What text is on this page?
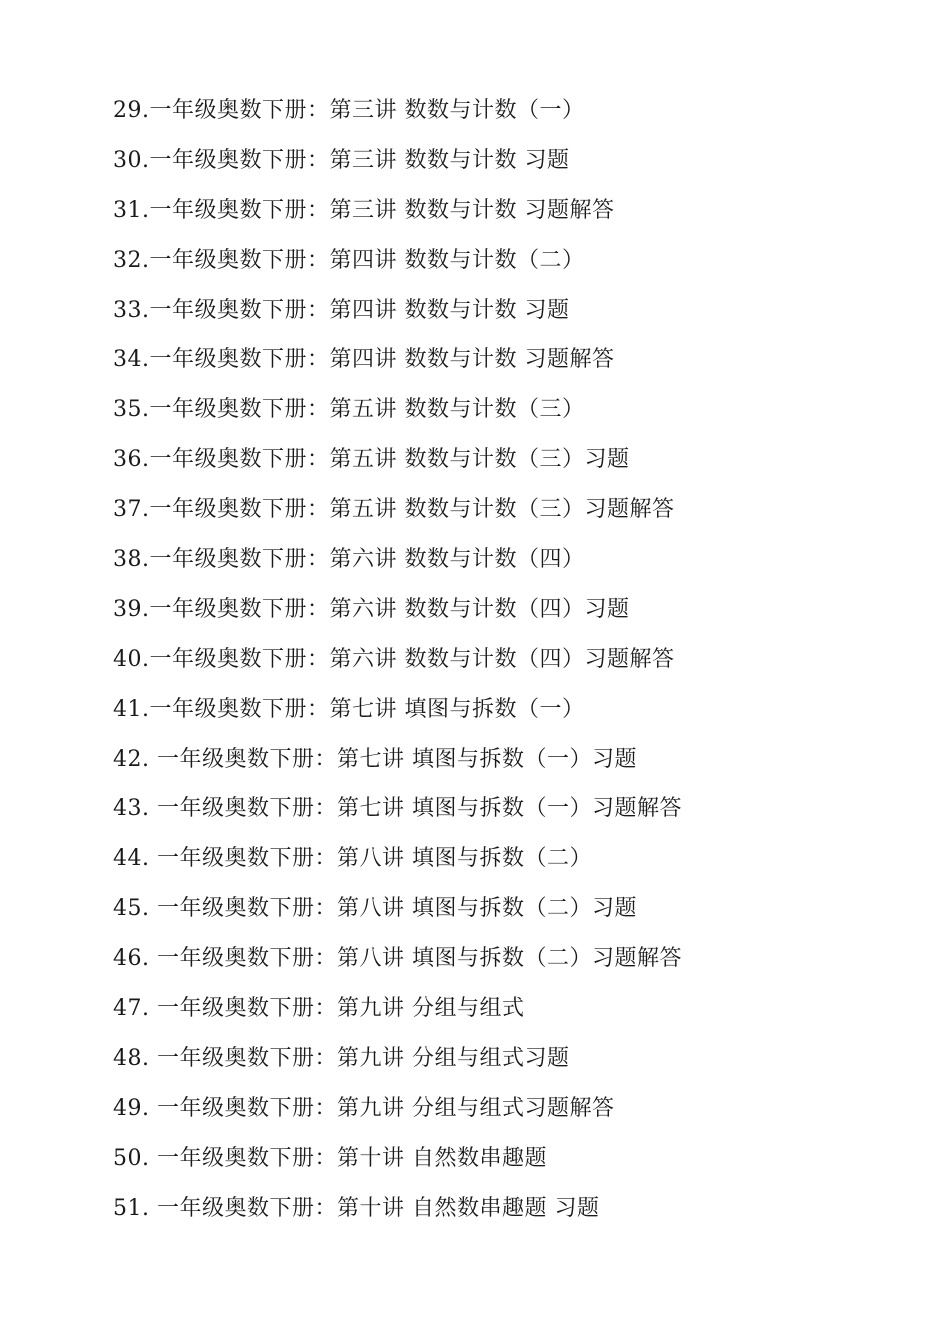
29.一年级奥数下册：第三讲 数数与计数（一）
30.一年级奥数下册：第三讲 数数与计数 习题
31.一年级奥数下册：第三讲 数数与计数 习题解答
32.一年级奥数下册：第四讲 数数与计数（二）
33.一年级奥数下册：第四讲 数数与计数 习题
34.一年级奥数下册：第四讲 数数与计数 习题解答
35.一年级奥数下册：第五讲 数数与计数（三）
36.一年级奥数下册：第五讲 数数与计数（三）习题
37.一年级奥数下册：第五讲 数数与计数（三）习题解答
38.一年级奥数下册：第六讲 数数与计数（四）
39.一年级奥数下册：第六讲 数数与计数（四）习题
40.一年级奥数下册：第六讲 数数与计数（四）习题解答
41.一年级奥数下册：第七讲 填图与拆数（一）
42. 一年级奥数下册：第七讲 填图与拆数（一）习题
43. 一年级奥数下册：第七讲 填图与拆数（一）习题解答
44. 一年级奥数下册：第八讲 填图与拆数（二）
45. 一年级奥数下册：第八讲 填图与拆数（二）习题
46. 一年级奥数下册：第八讲 填图与拆数（二）习题解答
47. 一年级奥数下册：第九讲 分组与组式
48. 一年级奥数下册：第九讲 分组与组式习题
49. 一年级奥数下册：第九讲 分组与组式习题解答
50. 一年级奥数下册：第十讲 自然数串趣题
51. 一年级奥数下册：第十讲 自然数串趣题 习题
